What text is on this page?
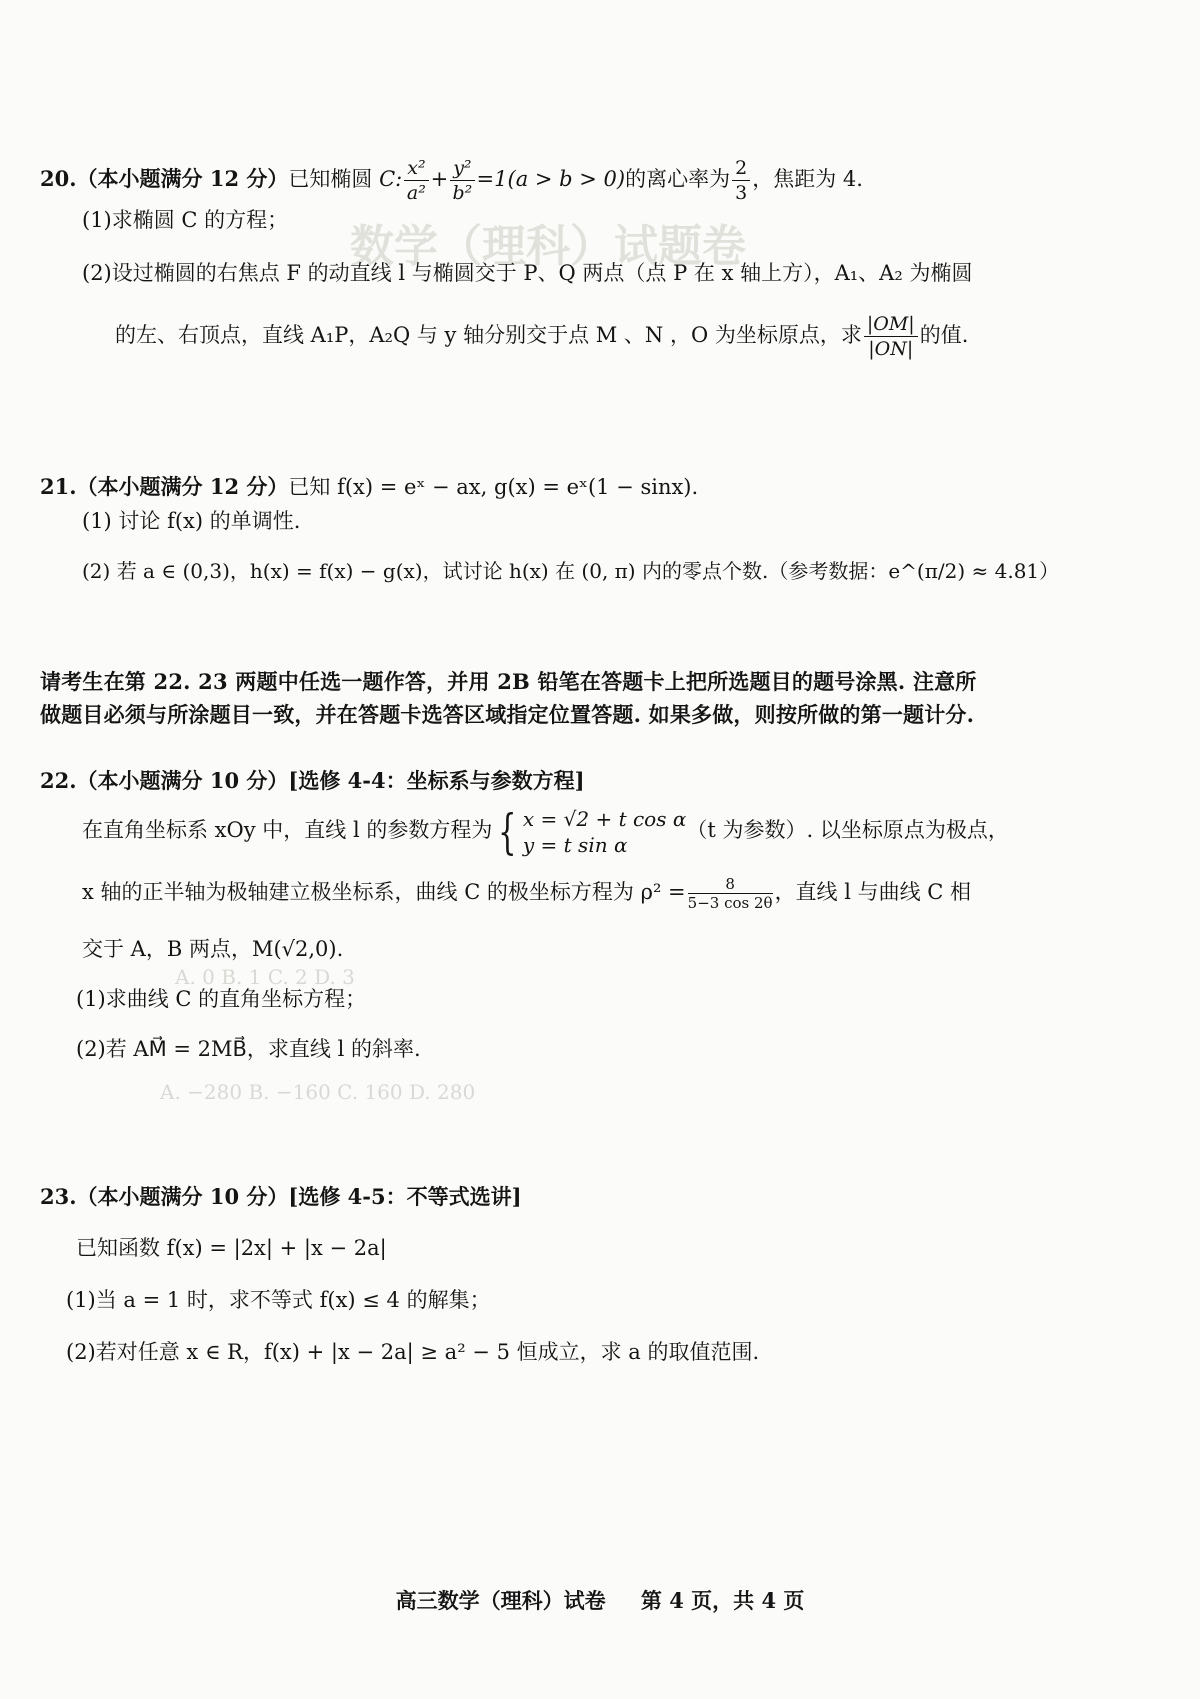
数学（理科）试题卷
A. 0 B. 1 C. 2 D. 3
A. −280 B. −160 C. 160 D. 280
20.（本小题满分 12 分）已知椭圆 C: $\frac{\text{x²}}{\text{a²}} + \frac{\text{y²}}{\text{b²}} =1(a > b > 0)$的离心率为 $\frac{2}{3}$ ，焦距为 4.
(1)求椭圆 C 的方程；
(2)设过椭圆的右焦点 F 的动直线 l 与椭圆交于 P、Q 两点（点 P 在 x 轴上方），A₁、A₂ 为椭圆
的左、右顶点，直线 A₁P，A₂Q 与 y 轴分别交于点 M 、N ，O 为坐标原点，求 $\frac{|OM|}{|ON|}$ 的值.
21.（本小题满分 12 分）已知 f(x) = eˣ − ax, g(x) = eˣ(1 − sinx).
(1) 讨论 f(x) 的单调性.
(2) 若 a ∈ (0,3)，h(x) = f(x) − g(x)，试讨论 h(x) 在 (0, π) 内的零点个数.（参考数据：e^(π/2) ≈ 4.81）
请考生在第 22. 23 两题中任选一题作答，并用 2B 铅笔在答题卡上把所选题目的题号涂黑. 注意所做题目必须与所涂题目一致，并在答题卡选答区域指定位置答题. 如果多做，则按所做的第一题计分.
22.（本小题满分 10 分）[选修 4-4：坐标系与参数方程]
在直角坐标系 xOy 中，直线 l 的参数方程为 { x = √2 + t cos α
y = t sin α
（t 为参数）. 以坐标原点为极点，
x 轴的正半轴为极轴建立极坐标系，曲线 C 的极坐标方程为 $\rho^2 = \frac{8}{5-3 \cos 2\theta}$ ，直线 l 与曲线 C 相
交于 A，B 两点，M(√2,0).
(1)求曲线 C 的直角坐标方程；
(2)若 AM⃗ = 2MB⃗，求直线 l 的斜率.
23.（本小题满分 10 分）[选修 4-5：不等式选讲]
已知函数 f(x) = |2x| + |x − 2a|
(1)当 a = 1 时，求不等式 f(x) ≤ 4 的解集；
(2)若对任意 x ∈ R，f(x) + |x − 2a| ≥ a² − 5 恒成立，求 a 的取值范围.
高三数学（理科）试卷 第 4 页，共 4 页
